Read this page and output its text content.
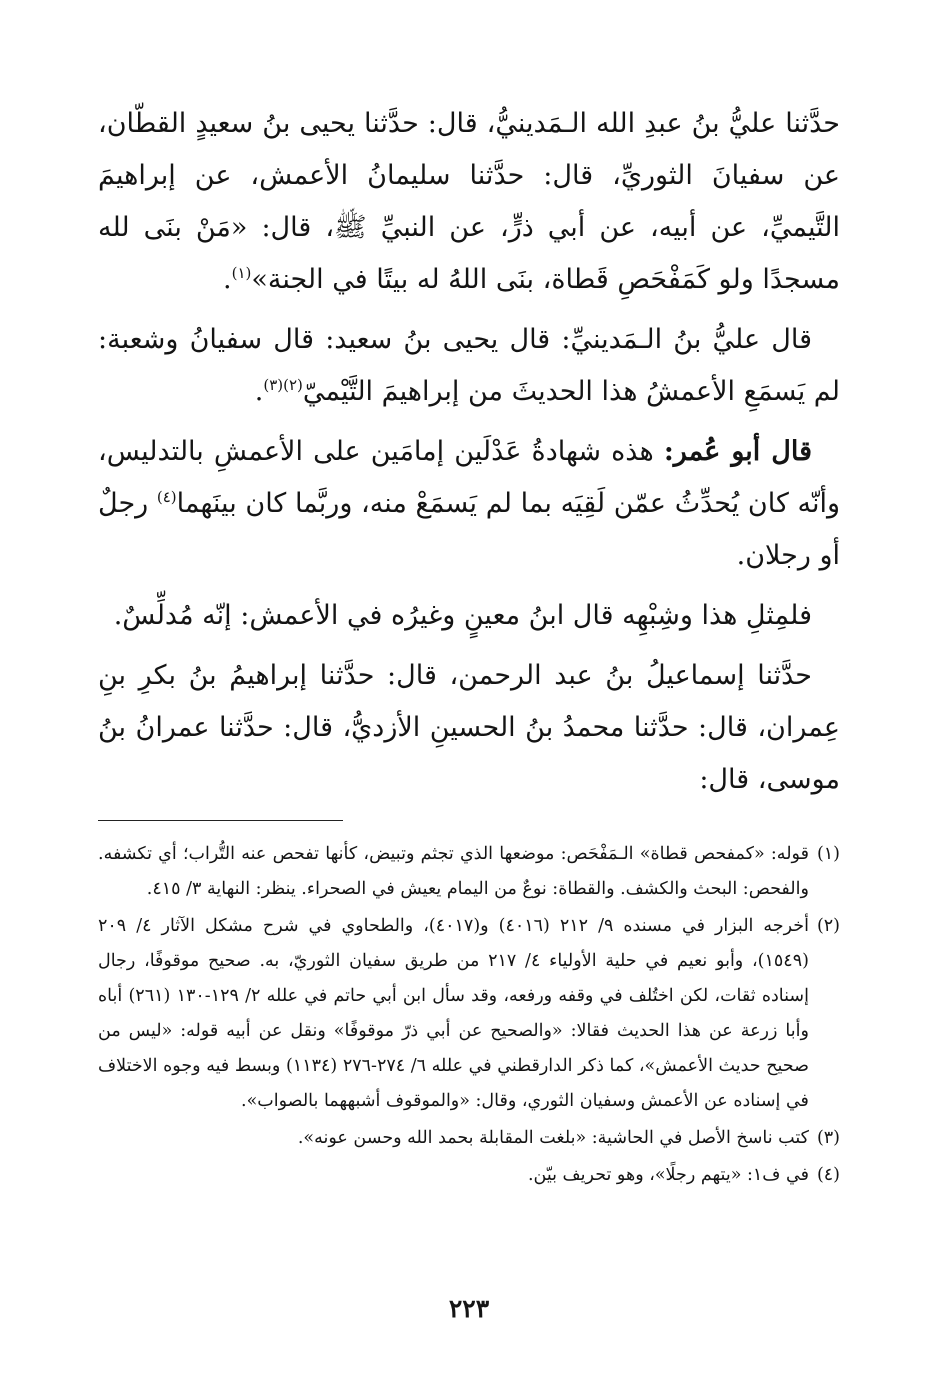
حدَّثنا عليُّ بنُ عبدِ الله الـمَدينيُّ، قال: حدَّثنا يحيى بنُ سعيدٍ القطّان، عن سفيانَ الثوريِّ، قال: حدَّثنا سليمانُ الأعمش، عن إبراهيمَ التَّيميِّ، عن أبيه، عن أبي ذرٍّ، عن النبيِّ ﷺ، قال: «مَنْ بنَى لله مسجدًا ولو كَمَفْحَصِ قَطاة، بنَى اللهُ له بيتًا في الجنة»$^{(١)}$.

قال عليُّ بنُ الـمَدينيِّ: قال يحيى بنُ سعيد: قال سفيانُ وشعبة: لم يَسمَعِ الأعمشُ هذا الحديثَ من إبراهيمَ التَّيْميّ$^{(٢)(٣)}$.

قال أبو عُمر: هذه شهادةُ عَدْلَين إمامَين على الأعمشِ بالتدليس، وأنّه كان يُحدِّثُ عمّن لَقِيَه بما لم يَسمَعْ منه، وربَّما كان بينَهما$^{(٤)}$ رجلٌ أو رجلان.

فلمِثلِ هذا وشِبْهِه قال ابنُ معينٍ وغيرُه في الأعمش: إنّه مُدلِّسٌ.

حدَّثنا إسماعيلُ بنُ عبد الرحمن، قال: حدَّثنا إبراهيمُ بنُ بكرِ بنِ عِمران، قال: حدَّثنا محمدُ بنُ الحسينِ الأزديُّ، قال: حدَّثنا عمرانُ بنُ موسى، قال:

(١)
قوله: «كمفحص قطاة» الـمَفْحَص: موضعها الذي تجثم وتبيض، كأنها تفحص عنه التُّراب؛ أي تكشفه. والفحص: البحث والكشف. والقطاة: نوعٌ من اليمام يعيش في الصحراء. ينظر: النهاية ٣/ ٤١٥.
(٢)
أخرجه البزار في مسنده ٩/ ٢١٢ (٤٠١٦) و(٤٠١٧)، والطحاوي في شرح مشكل الآثار ٤/ ٢٠٩ (١٥٤٩)، وأبو نعيم في حلية الأولياء ٤/ ٢١٧ من طريق سفيان الثوريّ، به. صحيح موقوفًا، رجال إسناده ثقات، لكن اختُلف في وقفه ورفعه، وقد سأل ابن أبي حاتم في علله ٢/ ١٢٩-١٣٠ (٢٦١) أباه وأبا زرعة عن هذا الحديث فقالا: «والصحيح عن أبي ذرّ موقوفًا» ونقل عن أبيه قوله: «ليس من صحيح حديث الأعمش»، كما ذكر الدارقطني في علله ٦/ ٢٧٤-٢٧٦ (١١٣٤) وبسط فيه وجوه الاختلاف في إسناده عن الأعمش وسفيان الثوري، وقال: «والموقوف أشبههما بالصواب».
(٣)
كتب ناسخ الأصل في الحاشية: «بلغت المقابلة بحمد الله وحسن عونه».
(٤)
في ف١: «يتهم رجلًا»، وهو تحريف بيّن.
٢٢٣
